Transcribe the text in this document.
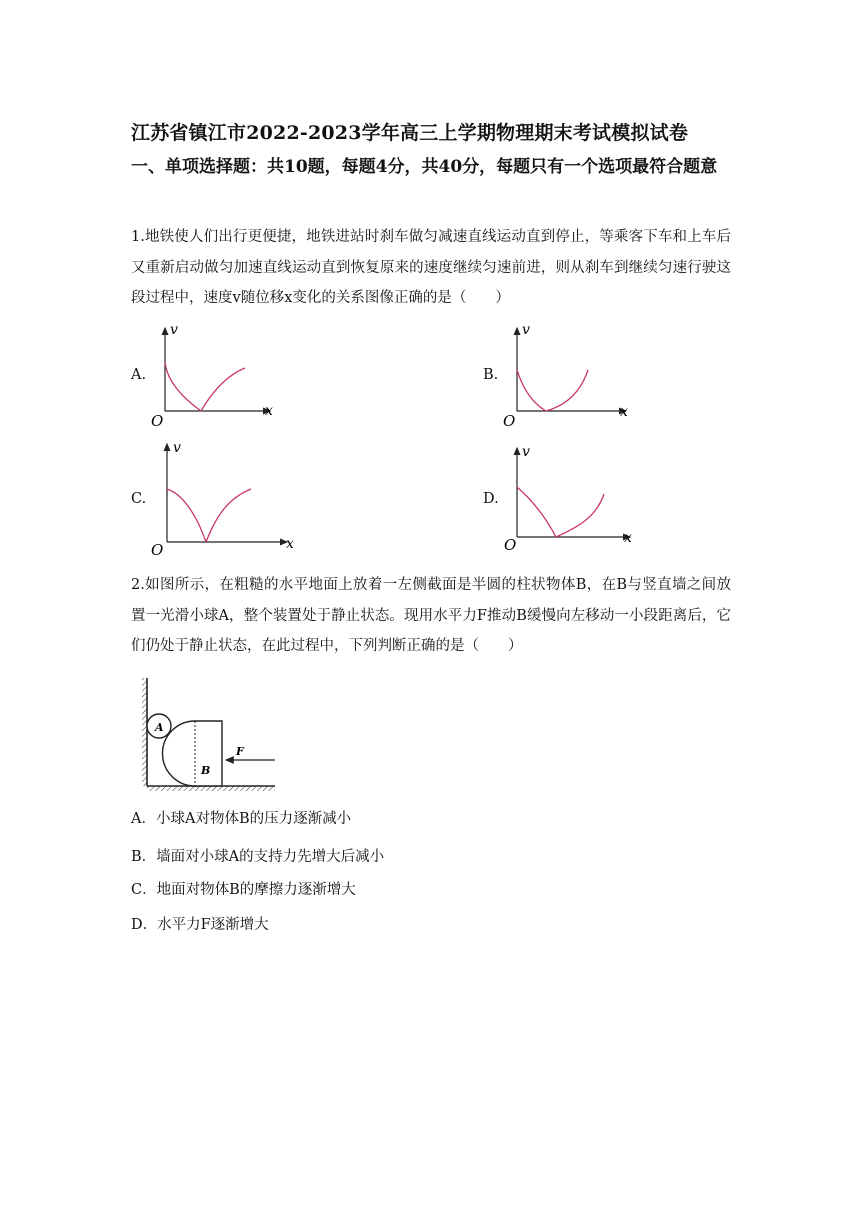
江苏省镇江市2022-2023学年高三上学期物理期末考试模拟试卷
一、单项选择题：共10题，每题4分，共40分，每题只有一个选项最符合题意
1.地铁使人们出行更便捷，地铁进站时刹车做匀减速直线运动直到停止，等乘客下车和上车后又重新启动做匀加速直线运动直到恢复原来的速度继续匀速前进，则从刹车到继续匀速行驶这段过程中，速度v随位移x变化的关系图像正确的是（　　）
A.
v
x
O
B.
v
x
O
C.
v
x
O
D.
v
x
O
2.如图所示，在粗糙的水平地面上放着一左侧截面是半圆的柱状物体B，在B与竖直墙之间放置一光滑小球A，整个装置处于静止状态。现用水平力F推动B缓慢向左移动一小段距离后，它们仍处于静止状态，在此过程中，下列判断正确的是（　　）
A
B
F
A．小球A对物体B的压力逐渐减小
B．墙面对小球A的支持力先增大后减小
C．地面对物体B的摩擦力逐渐增大
D．水平力F逐渐增大
